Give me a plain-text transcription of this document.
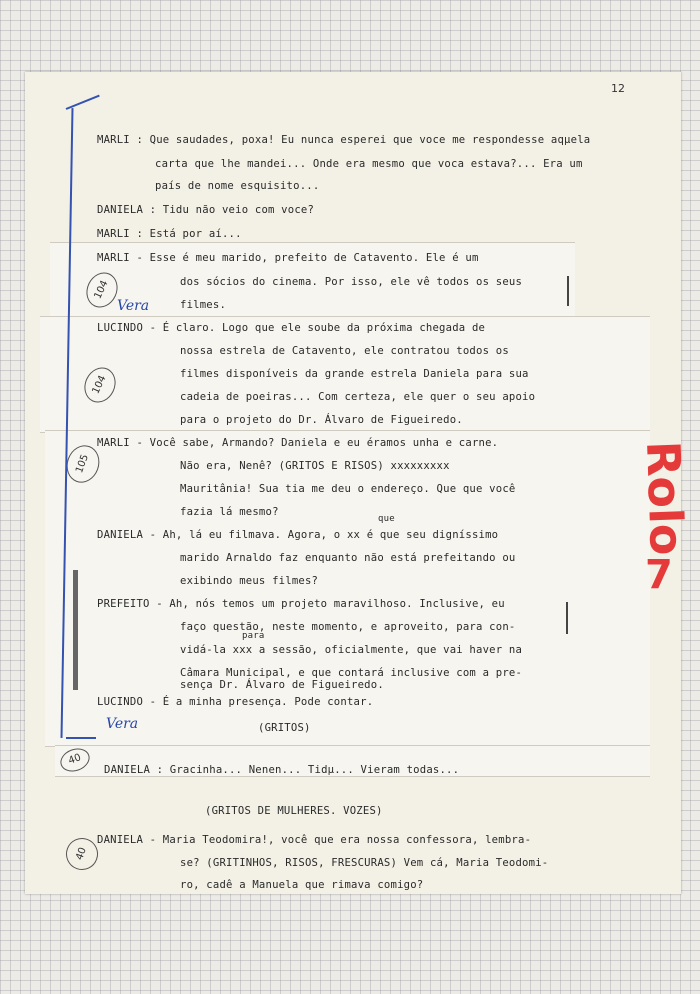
12
MARLI : Que saudades, poxa! Eu nunca esperei que voce me respondesse aqµela
carta que lhe mandei... Onde era mesmo que voca estava?... Era um
país de nome esquisito...
DANIELA : Tidu não veio com voce?
MARLI : Está por aí...
MARLI - Esse é meu marido, prefeito de Catavento. Ele é um
dos sócios do cinema. Por isso, ele vê todos os seus
filmes.
LUCINDO - É claro. Logo que ele soube da próxima chegada de
nossa estrela de Catavento, ele contratou todos os
filmes disponíveis da grande estrela Daniela para sua
cadeia de poeiras... Com certeza, ele quer o seu apoio
para o projeto do Dr. Álvaro de Figueiredo.
MARLI - Você sabe, Armando? Daniela e eu éramos unha e carne.
Não era, Nenê? (GRITOS E RISOS) xxxxxxxxx
Mauritânia! Sua tia me deu o endereço. Que que você
fazia lá mesmo?
que
DANIELA - Ah, lá eu filmava. Agora, o xx é que seu digníssimo
marido Arnaldo faz enquanto não está prefeitando ou
exibindo meus filmes?
PREFEITO - Ah, nós temos um projeto maravilhoso. Inclusive, eu
faço questão, neste momento, e aproveito, para con-
para
vidá-la xxx a sessão, oficialmente, que vai haver na
Câmara Municipal, e que contará inclusive com a pre-
sença Dr. Álvaro de Figueiredo.
LUCINDO - É a minha presença. Pode contar.
(GRITOS)
DANIELA : Gracinha... Nenen... Tidµ... Vieram todas...
(GRITOS DE MULHERES. VOZES)
DANIELA - Maria Teodomira!, você que era nossa confessora, lembra-
se? (GRITINHOS, RISOS, FRESCURAS) Vem cá, Maria Teodomi-
ro, cadê a Manuela que rimava comigo?
104
104
105
40
40
Vera
Vera
Rolo
7
